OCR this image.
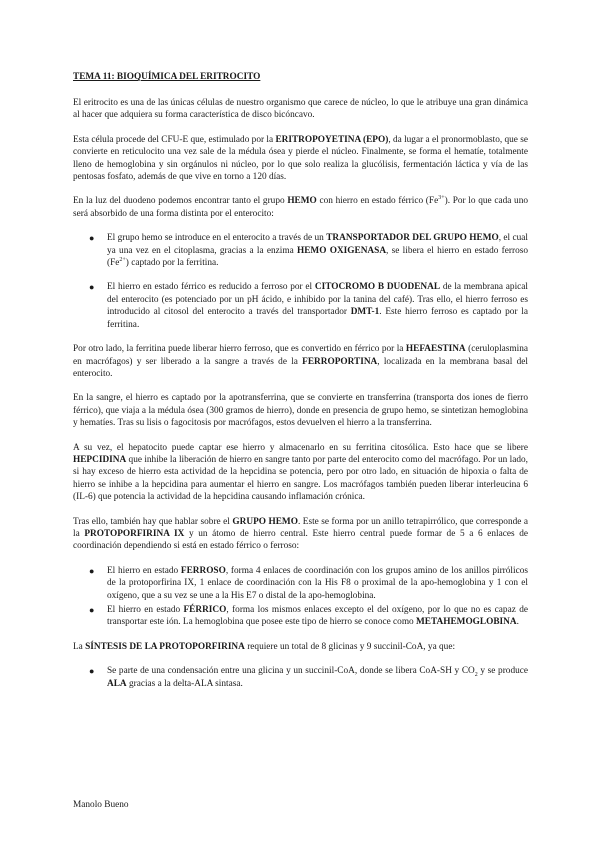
TEMA 11: BIOQUÍMICA DEL ERITROCITO

El eritrocito es una de las únicas células de nuestro organismo que carece de núcleo, lo que le atribuye una gran dinámica al hacer que adquiera su forma característica de disco bicóncavo.

Esta célula procede del CFU-E que, estimulado por la ERITROPOYETINA (EPO), da lugar a el pronormoblasto, que se convierte en reticulocito una vez sale de la médula ósea y pierde el núcleo. Finalmente, se forma el hematíe, totalmente lleno de hemoglobina y sin orgánulos ni núcleo, por lo que solo realiza la glucólisis, fermentación láctica y vía de las pentosas fosfato, además de que vive en torno a 120 días.

En la luz del duodeno podemos encontrar tanto el grupo HEMO con hierro en estado férrico $(Fe^{3+})$. Por lo que cada uno será absorbido de una forma distinta por el enterocito:

● El grupo hemo se introduce en el enterocito a través de un TRANSPORTADOR DEL GRUPO HEMO, el cual ya una vez en el citoplasma, gracias a la enzima HEMO OXIGENASA, se libera el hierro en estado ferroso $(Fe^{2+})$ captado por la ferritina.
● El hierro en estado férrico es reducido a ferroso por el CITOCROMO B DUODENAL de la membrana apical del enterocito (es potenciado por un pH ácido, e inhibido por la tanina del café). Tras ello, el hierro ferroso es introducido al citosol del enterocito a través del transportador DMT-1. Este hierro ferroso es captado por la ferritina.

Por otro lado, la ferritina puede liberar hierro ferroso, que es convertido en férrico por la HEFAESTINA (ceruloplasmina en macrófagos) y ser liberado a la sangre a través de la FERROPORTINA, localizada en la membrana basal del enterocito.

En la sangre, el hierro es captado por la apotransferrina, que se convierte en transferrina (transporta dos iones de fierro férrico), que viaja a la médula ósea (300 gramos de hierro), donde en presencia de grupo hemo, se sintetizan hemoglobina y hematíes. Tras su lisis o fagocitosis por macrófagos, estos devuelven el hierro a la transferrina.

A su vez, el hepatocito puede captar ese hierro y almacenarlo en su ferritina citosólica. Esto hace que se libere HEPCIDINA que inhibe la liberación de hierro en sangre tanto por parte del enterocito como del macrófago. Por un lado, si hay exceso de hierro esta actividad de la hepcidina se potencia, pero por otro lado, en situación de hipoxia o falta de hierro se inhibe a la hepcidina para aumentar el hierro en sangre. Los macrófagos también pueden liberar interleucina 6 (IL-6) que potencia la actividad de la hepcidina causando inflamación crónica.

Tras ello, también hay que hablar sobre el GRUPO HEMO. Este se forma por un anillo tetrapirrólico, que corresponde a la PROTOPORFIRINA IX y un átomo de hierro central. Este hierro central puede formar de 5 a 6 enlaces de coordinación dependiendo si está en estado férrico o ferroso:

● El hierro en estado FERROSO, forma 4 enlaces de coordinación con los grupos amino de los anillos pirrólicos de la protoporfirina IX, 1 enlace de coordinación con la His F8 o proximal de la apo-hemoglobina y 1 con el oxígeno, que a su vez se une a la His E7 o distal de la apo-hemoglobina.
● El hierro en estado FÉRRICO, forma los mismos enlaces excepto el del oxígeno, por lo que no es capaz de transportar este ión. La hemoglobina que posee este tipo de hierro se conoce como METAHEMOGLOBINA.

La SÍNTESIS DE LA PROTOPORFIRINA requiere un total de 8 glicinas y 9 succinil-CoA, ya que:

● Se parte de una condensación entre una glicina y un succinil-CoA, donde se libera CoA-SH y $CO_2$ y se produce ALA gracias a la delta-ALA sintasa.
Manolo Bueno
